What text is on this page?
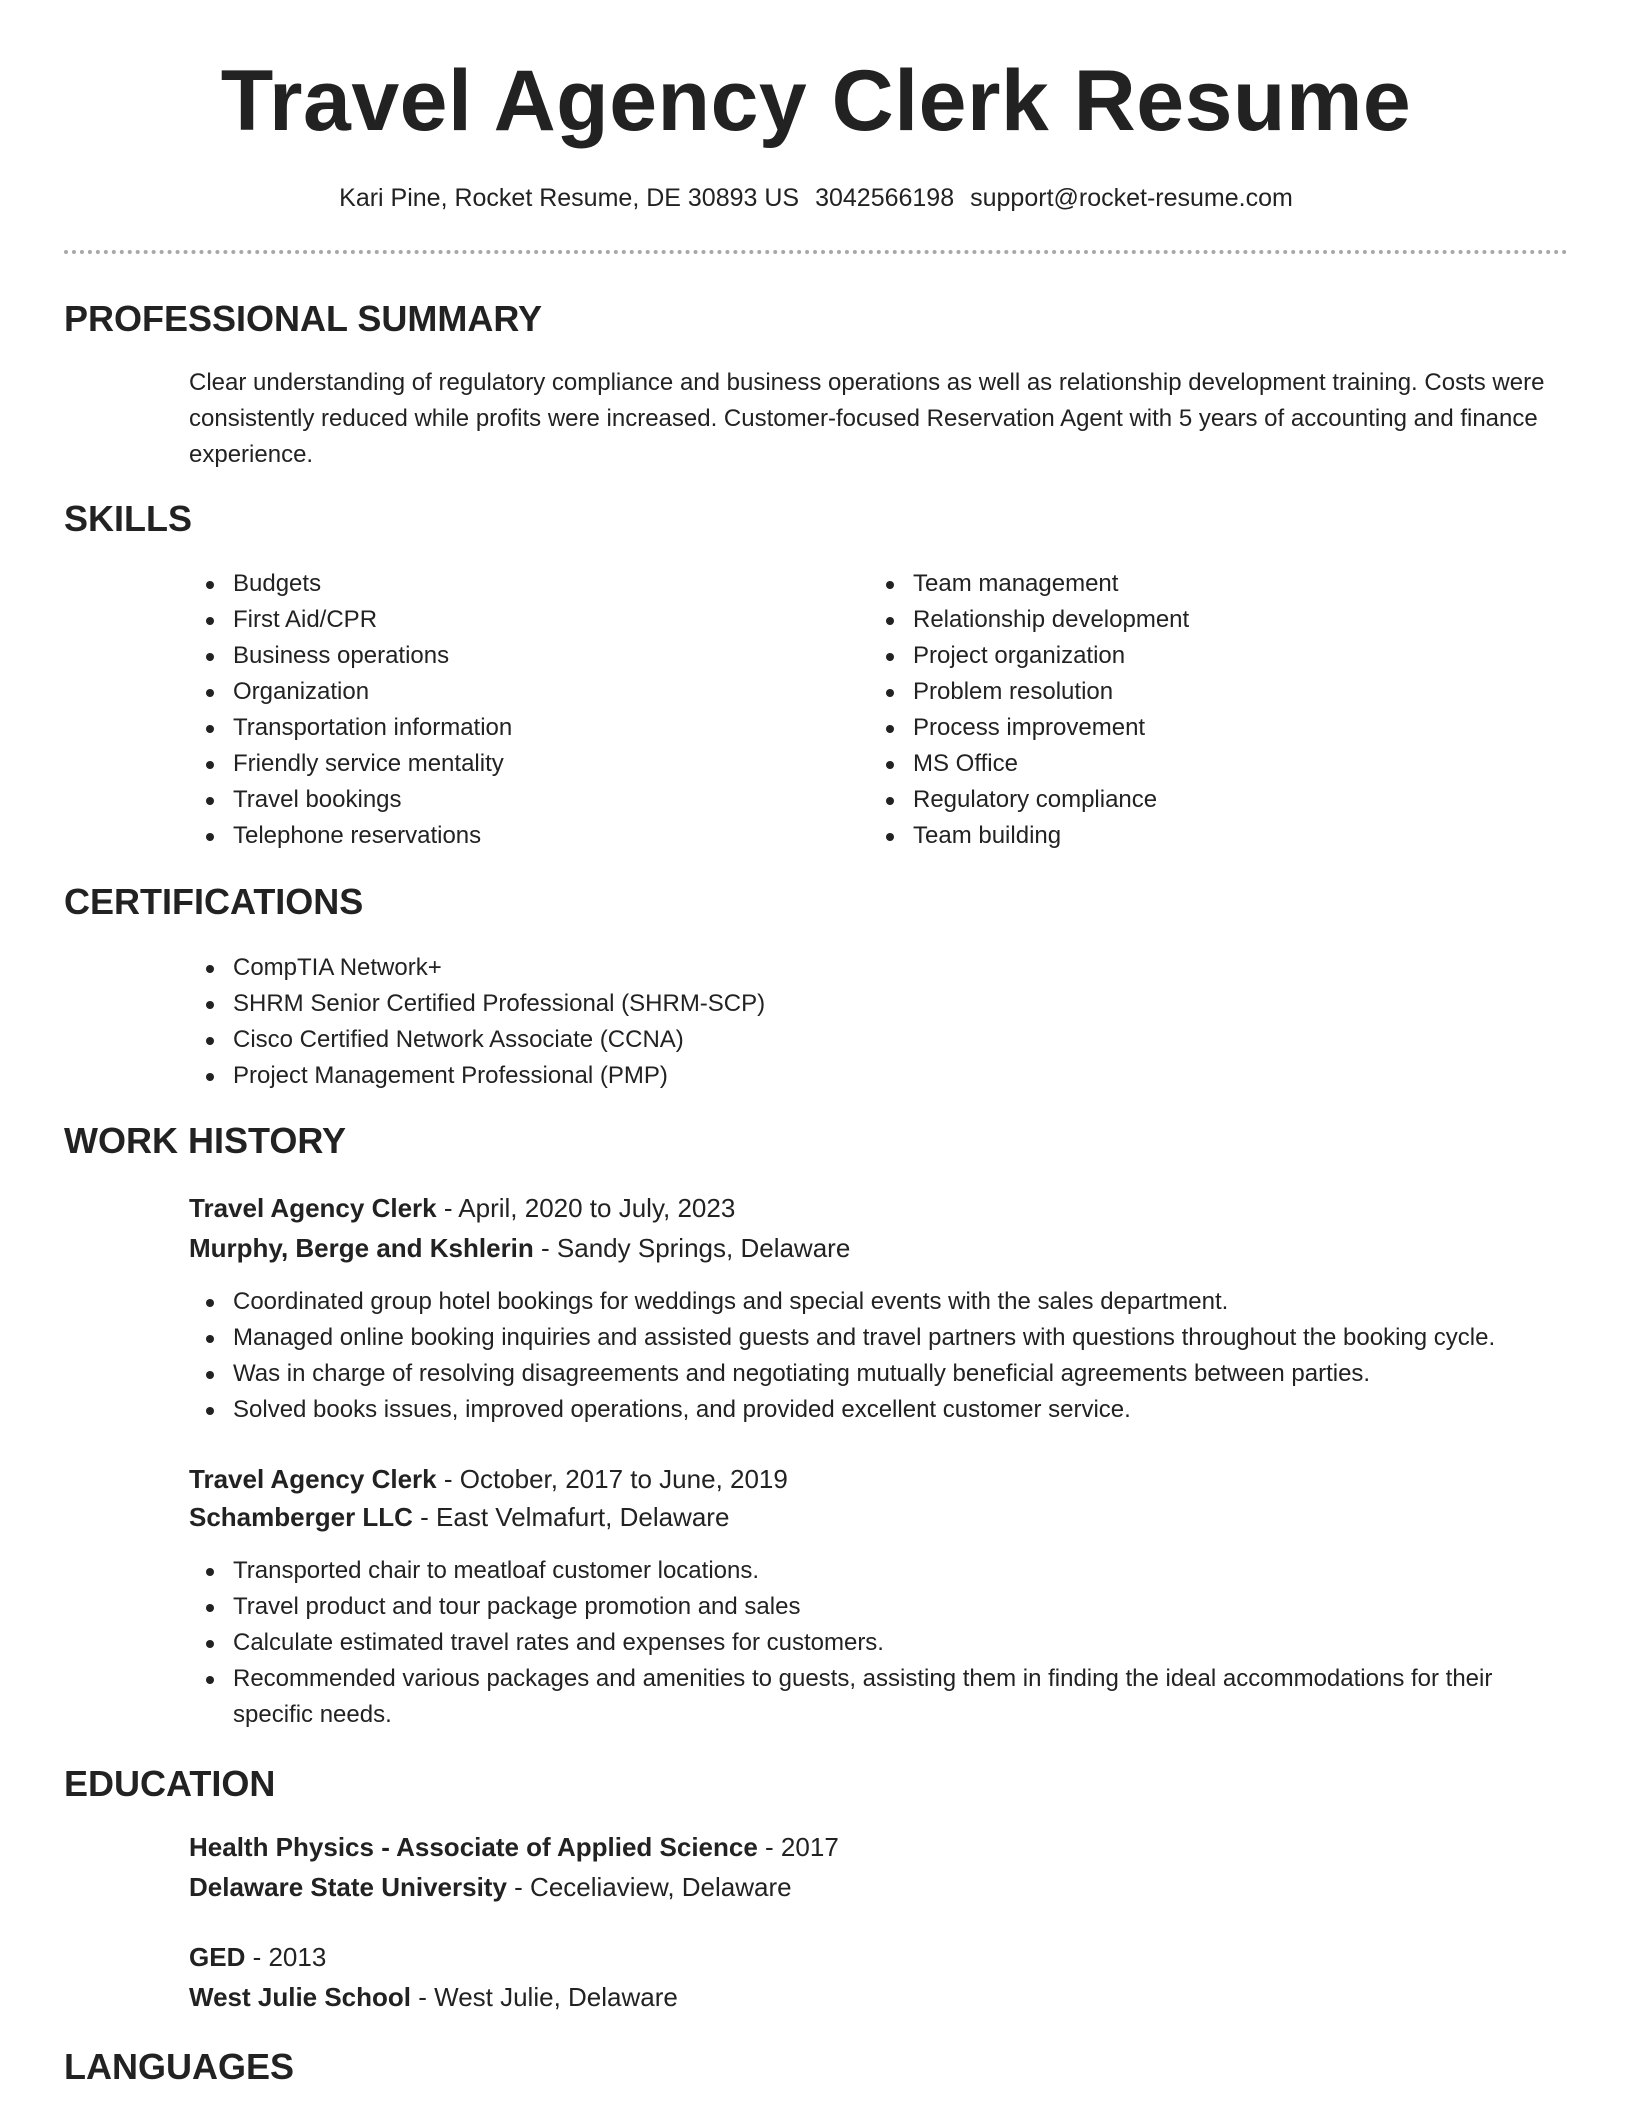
Travel Agency Clerk Resume
Kari Pine, Rocket Resume, DE 30893 US 3042566198 support@rocket-resume.com
PROFESSIONAL SUMMARY
Clear understanding of regulatory compliance and business operations as well as relationship development training. Costs were consistently reduced while profits were increased. Customer-focused Reservation Agent with 5 years of accounting and finance experience.
SKILLS
Budgets
First Aid/CPR
Business operations
Organization
Transportation information
Friendly service mentality
Travel bookings
Telephone reservations
Team management
Relationship development
Project organization
Problem resolution
Process improvement
MS Office
Regulatory compliance
Team building
CERTIFICATIONS
CompTIA Network+
SHRM Senior Certified Professional (SHRM-SCP)
Cisco Certified Network Associate (CCNA)
Project Management Professional (PMP)
WORK HISTORY
Travel Agency Clerk - April, 2020 to July, 2023
Murphy, Berge and Kshlerin - Sandy Springs, Delaware
Coordinated group hotel bookings for weddings and special events with the sales department.
Managed online booking inquiries and assisted guests and travel partners with questions throughout the booking cycle.
Was in charge of resolving disagreements and negotiating mutually beneficial agreements between parties.
Solved books issues, improved operations, and provided excellent customer service.
Travel Agency Clerk - October, 2017 to June, 2019
Schamberger LLC - East Velmafurt, Delaware
Transported chair to meatloaf customer locations.
Travel product and tour package promotion and sales
Calculate estimated travel rates and expenses for customers.
Recommended various packages and amenities to guests, assisting them in finding the ideal accommodations for their specific needs.
EDUCATION
Health Physics - Associate of Applied Science - 2017
Delaware State University - Ceceliaview, Delaware
GED - 2013
West Julie School - West Julie, Delaware
LANGUAGES
